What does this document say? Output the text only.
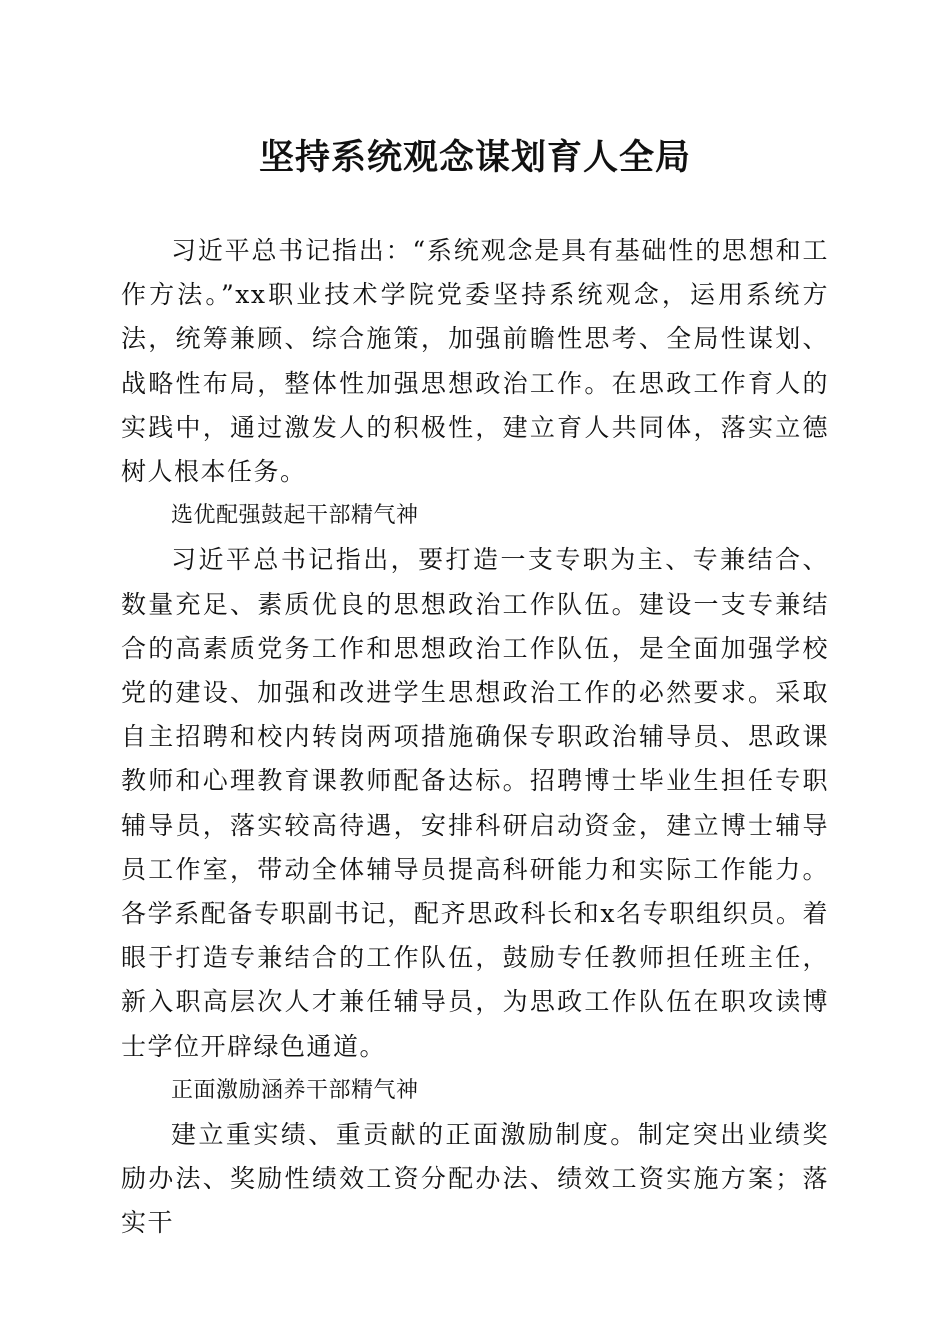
坚持系统观念谋划育人全局

习近平总书记指出：“系统观念是具有基础性的思想和工作方法。”xx职业技术学院党委坚持系统观念，运用系统方法，统筹兼顾、综合施策，加强前瞻性思考、全局性谋划、战略性布局，整体性加强思想政治工作。在思政工作育人的实践中，通过激发人的积极性，建立育人共同体，落实立德树人根本任务。

选优配强鼓起干部精气神

习近平总书记指出，要打造一支专职为主、专兼结合、数量充足、素质优良的思想政治工作队伍。建设一支专兼结合的高素质党务工作和思想政治工作队伍，是全面加强学校党的建设、加强和改进学生思想政治工作的必然要求。采取自主招聘和校内转岗两项措施确保专职政治辅导员、思政课教师和心理教育课教师配备达标。招聘博士毕业生担任专职辅导员，落实较高待遇，安排科研启动资金，建立博士辅导员工作室，带动全体辅导员提高科研能力和实际工作能力。各学系配备专职副书记，配齐思政科长和x名专职组织员。着眼于打造专兼结合的工作队伍，鼓励专任教师担任班主任，新入职高层次人才兼任辅导员，为思政工作队伍在职攻读博士学位开辟绿色通道。

正面激励涵养干部精气神

建立重实绩、重贡献的正面激励制度。制定突出业绩奖励办法、奖励性绩效工资分配办法、绩效工资实施方案；落实干
